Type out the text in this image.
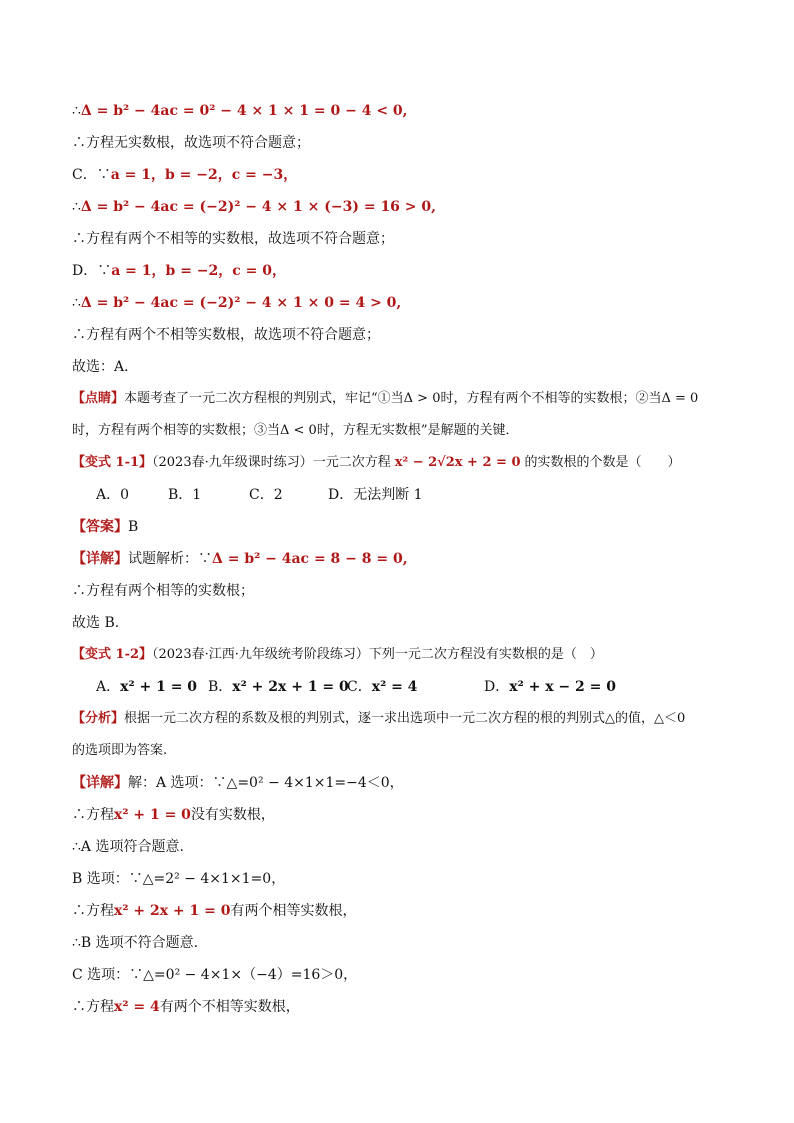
∴Δ = b² − 4ac = 0² − 4 × 1 × 1 = 0 − 4 < 0,
∴方程无实数根，故选项不符合题意；
C．∵a = 1，b = −2，c = −3，
∴Δ = b² − 4ac = (−2)² − 4 × 1 × (−3) = 16 > 0,
∴方程有两个不相等的实数根，故选项不符合题意；
D．∵a = 1，b = −2，c = 0，
∴Δ = b² − 4ac = (−2)² − 4 × 1 × 0 = 4 > 0,
∴方程有两个不相等实数根，故选项不符合题意；
故选：A．
【点睛】本题考查了一元二次方程根的判别式，牢记“①当Δ > 0时，方程有两个不相等的实数根；②当Δ = 0
时，方程有两个相等的实数根；③当Δ < 0时，方程无实数根”是解题的关键．
【变式 1-1】（2023春·九年级课时练习）一元二次方程 x² − 2√2x + 2 = 0 的实数根的个数是（　　）
A．0	B．1	C．2	D．无法判断 1
【答案】B
【详解】试题解析：∵Δ = b² − 4ac = 8 − 8 = 0,
∴方程有两个相等的实数根；
故选 B.
【变式 1-2】（2023春·江西·九年级统考阶段练习）下列一元二次方程没有实数根的是（　）
A．x² + 1 = 0 B．x² + 2x + 1 = 0
C．x² = 4	D．x² + x − 2 = 0
【分析】根据一元二次方程的系数及根的判别式，逐一求出选项中一元二次方程的根的判别式△的值，△＜0
的选项即为答案.
【详解】解：A 选项：∵△=0² − 4×1×1=−4＜0，
∴方程x² + 1 = 0没有实数根，
∴A 选项符合题意.
B 选项：∵△=2² − 4×1×1=0，
∴方程x² + 2x + 1 = 0有两个相等实数根，
∴B 选项不符合题意.
C 选项：∵△=0² − 4×1×（−4）=16＞0，
∴方程x² = 4有两个不相等实数根，
